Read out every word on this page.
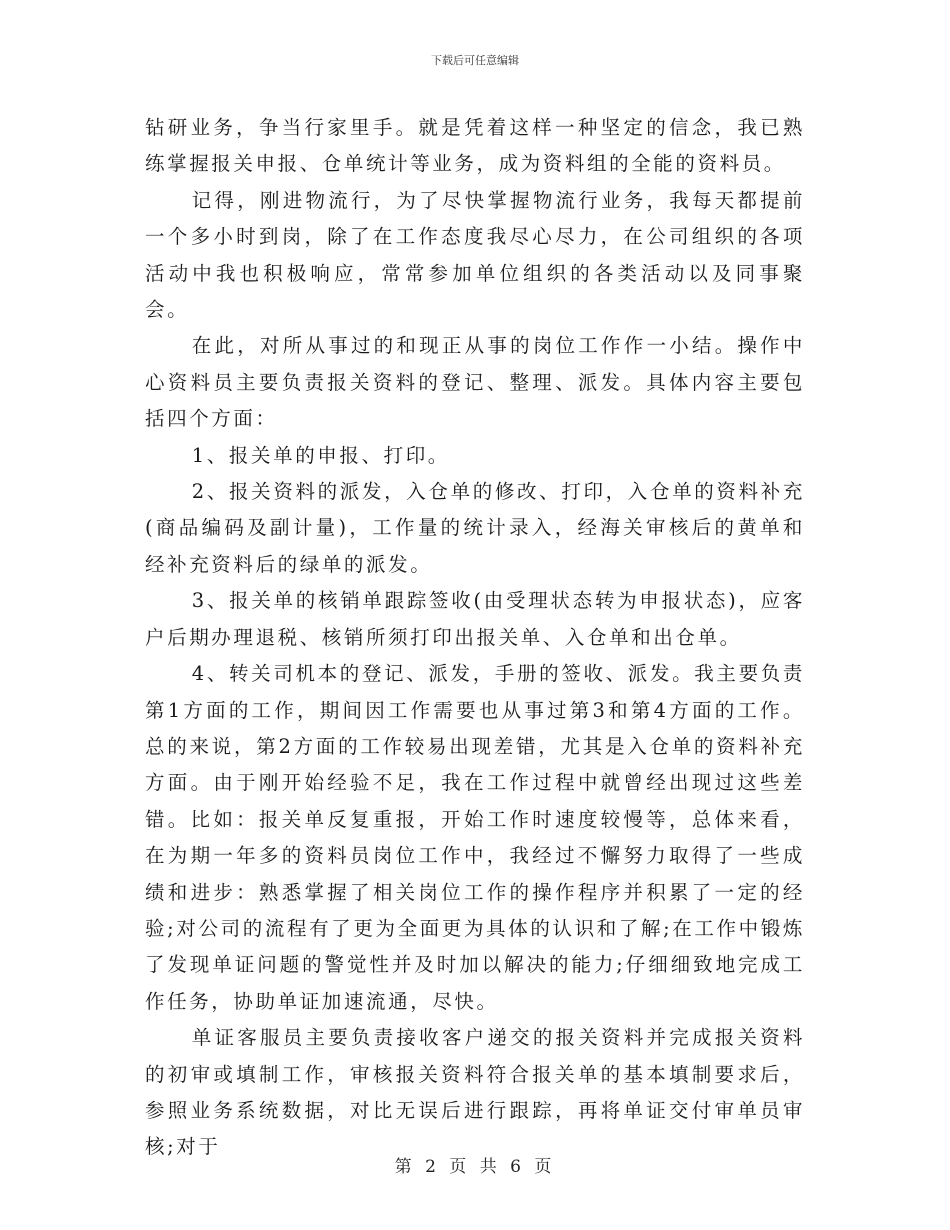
下载后可任意编辑

钻研业务，争当行家里手。就是凭着这样一种坚定的信念，我已熟练掌握报关申报、仓单统计等业务，成为资料组的全能的资料员。

记得，刚进物流行，为了尽快掌握物流行业务，我每天都提前一个多小时到岗，除了在工作态度我尽心尽力，在公司组织的各项活动中我也积极响应，常常参加单位组织的各类活动以及同事聚会。

在此，对所从事过的和现正从事的岗位工作作一小结。操作中心资料员主要负责报关资料的登记、整理、派发。具体内容主要包括四个方面：

1、报关单的申报、打印。

2、报关资料的派发，入仓单的修改、打印，入仓单的资料补充(商品编码及副计量)，工作量的统计录入，经海关审核后的黄单和经补充资料后的绿单的派发。

3、报关单的核销单跟踪签收(由受理状态转为申报状态)，应客户后期办理退税、核销所须打印出报关单、入仓单和出仓单。

4、转关司机本的登记、派发，手册的签收、派发。我主要负责第1方面的工作，期间因工作需要也从事过第3和第4方面的工作。总的来说，第2方面的工作较易出现差错，尤其是入仓单的资料补充方面。由于刚开始经验不足，我在工作过程中就曾经出现过这些差错。比如：报关单反复重报，开始工作时速度较慢等，总体来看，在为期一年多的资料员岗位工作中，我经过不懈努力取得了一些成绩和进步：熟悉掌握了相关岗位工作的操作程序并积累了一定的经验;对公司的流程有了更为全面更为具体的认识和了解;在工作中锻炼了发现单证问题的警觉性并及时加以解决的能力;仔细细致地完成工作任务，协助单证加速流通，尽快。

单证客服员主要负责接收客户递交的报关资料并完成报关资料的初审或填制工作，审核报关资料符合报关单的基本填制要求后，参照业务系统数据，对比无误后进行跟踪，再将单证交付审单员审核;对于

第 2 页 共 6 页
